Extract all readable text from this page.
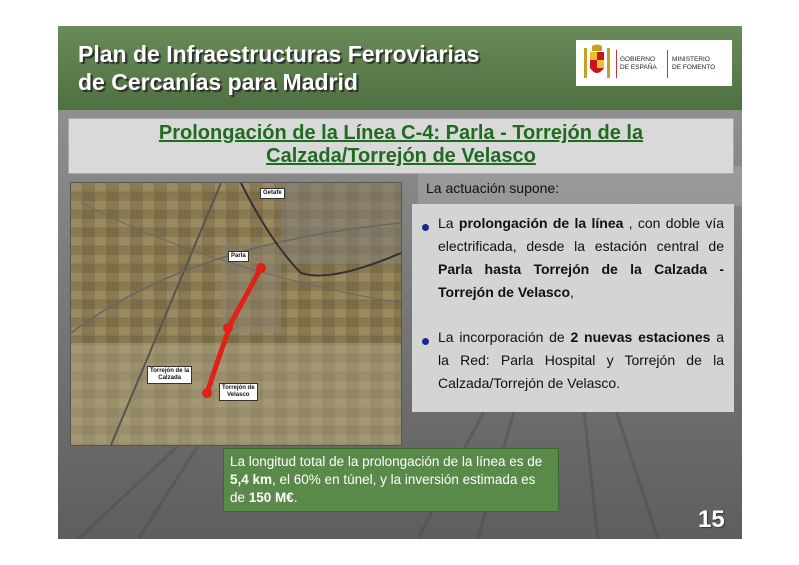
Plan de Infraestructuras Ferroviarias
de Cercanías para Madrid
GOBIERNO
DE ESPAÑA
MINISTERIO
DE FOMENTO
Prolongación de la Línea C-4: Parla - Torrejón de la
Calzada/Torrejón de Velasco
Getafe
Parla
Torrejón de la
Calzada
Torrejón de
Velasco
La actuación supone:
La prolongación de la línea , con doble vía electrificada, desde la estación central de Parla hasta Torrejón de la Calzada - Torrejón de Velasco,
La incorporación de 2 nuevas estaciones a la Red: Parla Hospital y Torrejón de la Calzada/Torrejón de Velasco.
La longitud total de la prolongación de la línea es de 5,4 km, el 60% en túnel, y la inversión estimada es de 150 M€.
15
